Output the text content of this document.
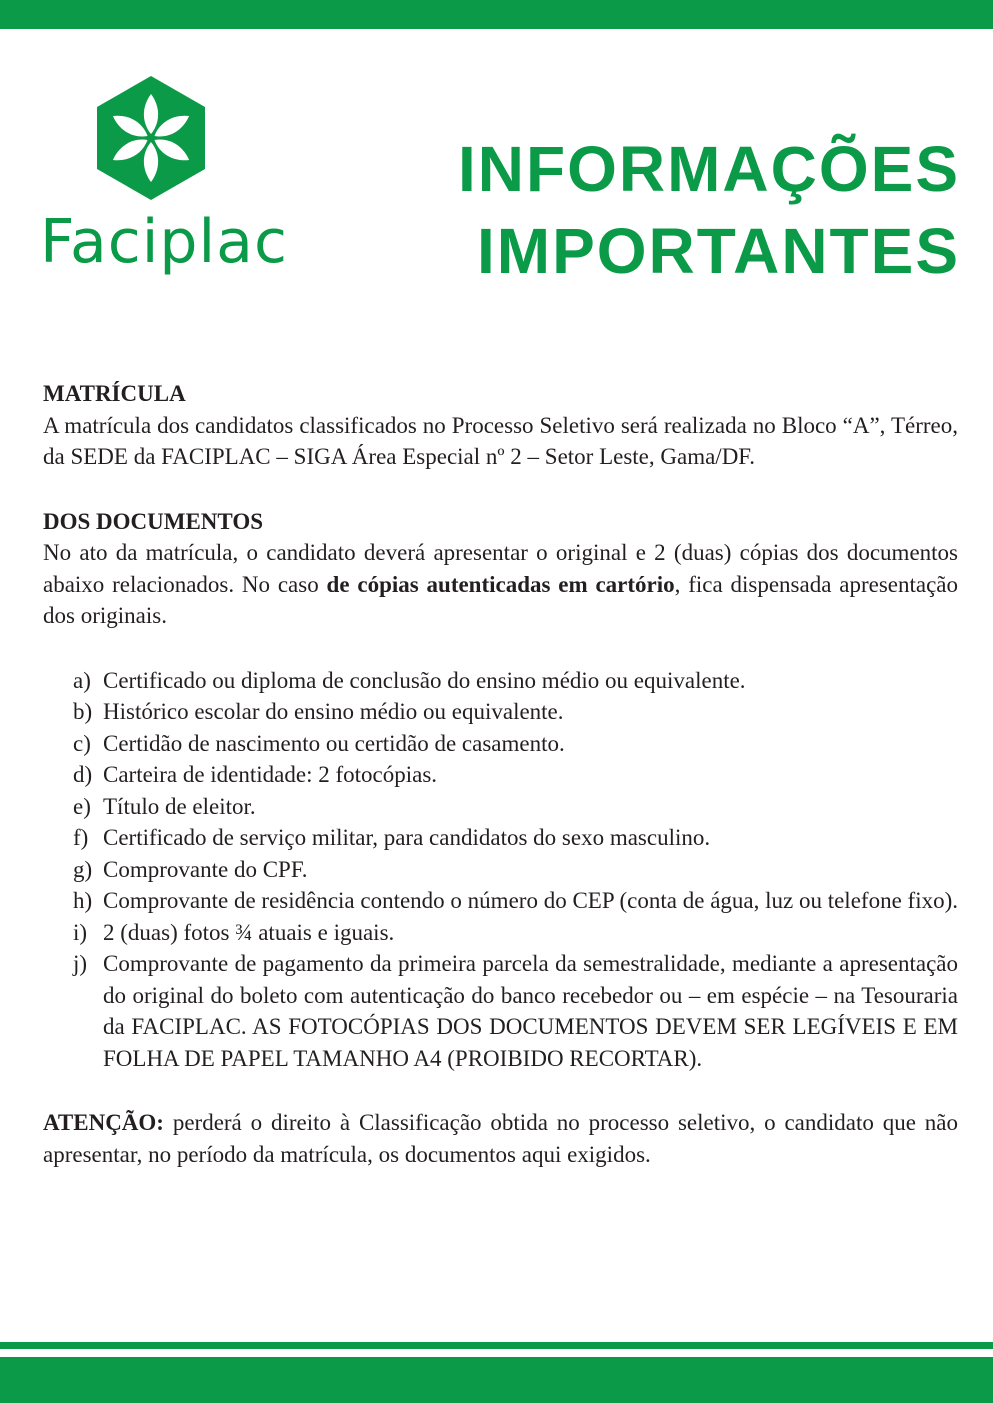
Faciplac
INFORMAÇÕES
IMPORTANTES
MATRÍCULA
A matrícula dos candidatos classificados no Processo Seletivo será realizada no Bloco “A”, Térreo, da SEDE da FACIPLAC – SIGA Área Especial nº 2 – Setor Leste, Gama/DF.
DOS DOCUMENTOS
No ato da matrícula, o candidato deverá apresentar o original e 2 (duas) cópias dos documentos abaixo relacionados. No caso de cópias autenticadas em cartório, fica dispensada apresentação dos originais.
a) Certificado ou diploma de conclusão do ensino médio ou equivalente.
b) Histórico escolar do ensino médio ou equivalente.
c) Certidão de nascimento ou certidão de casamento.
d) Carteira de identidade: 2 fotocópias.
e) Título de eleitor.
f) Certificado de serviço militar, para candidatos do sexo masculino.
g) Comprovante do CPF.
h) Comprovante de residência contendo o número do CEP (conta de água, luz ou telefone fixo).
i) 2 (duas) fotos ¾ atuais e iguais.
j) Comprovante de pagamento da primeira parcela da semestralidade, mediante a apresentação do original do boleto com autenticação do banco recebedor ou – em espécie – na Tesouraria da FACIPLAC. AS FOTOCÓPIAS DOS DOCUMENTOS DEVEM SER LEGÍVEIS E EM FOLHA DE PAPEL TAMANHO A4 (PROIBIDO RECORTAR).
ATENÇÃO: perderá o direito à Classificação obtida no processo seletivo, o candidato que não apresentar, no período da matrícula, os documentos aqui exigidos.
